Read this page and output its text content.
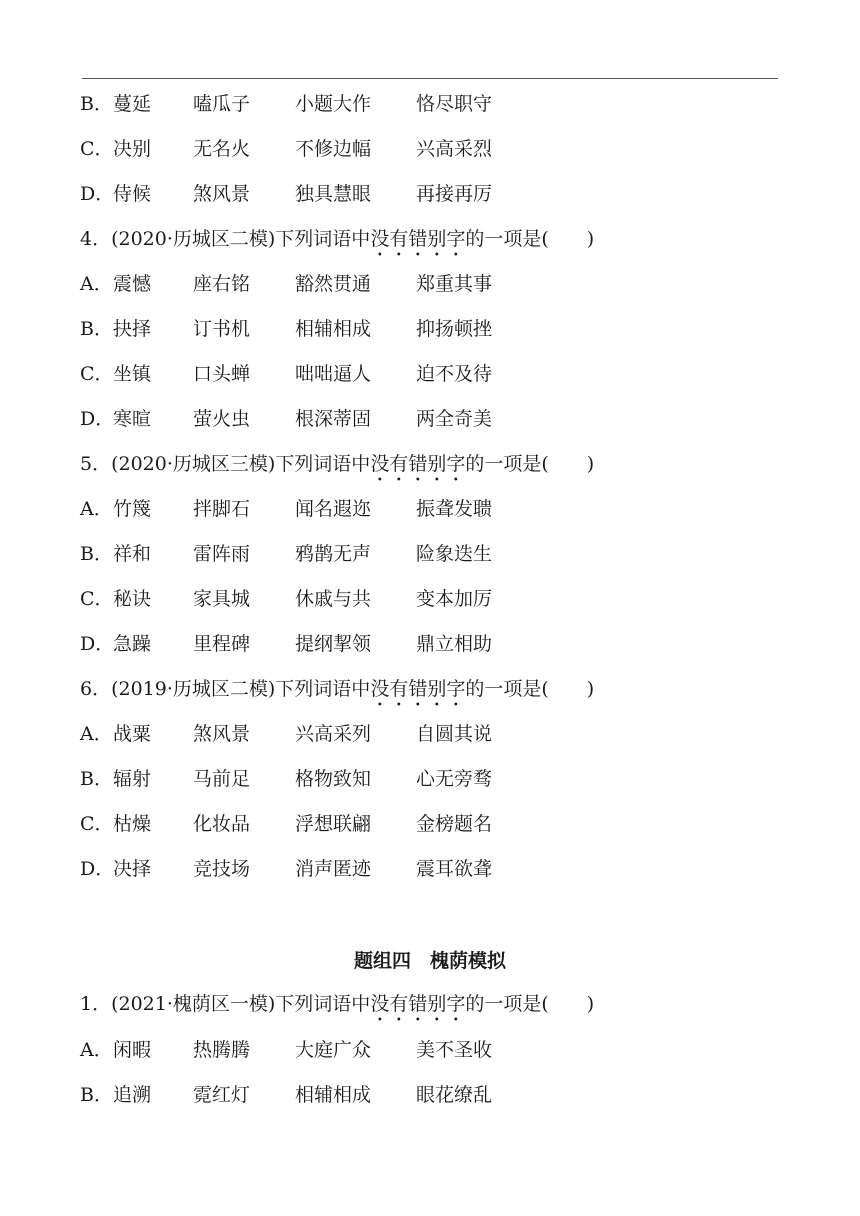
B． 蔓延 嗑瓜子 小题大作 恪尽职守
C． 决别 无名火 不修边幅 兴高采烈
D．
侍候 煞风景 独具慧眼 再接再厉
4．(2020·历城区二模)下列词语中没有错别字的一项是(　　)
A． 震憾 座右铭 豁然贯通 郑重其事
B． 抉择 订书机 相辅相成 抑扬顿挫
C． 坐镇 口头蝉 咄咄逼人 迫不及待
D．
寒暄 萤火虫 根深蒂固 两全奇美
5．(2020·历城区三模)下列词语中没有错别字的一项是(　　)
A． 竹篾 拌脚石 闻名遐迩 振聋发聩
B． 祥和 雷阵雨 鸦鹊无声 险象迭生
C． 秘诀 家具城 休戚与共 变本加厉
D．
急躁 里程碑 提纲挈领 鼎立相助
6．(2019·历城区二模)下列词语中没有错别字的一项是(　　)
A． 战粟 煞风景 兴高采列 自圆其说
B． 辐射 马前足 格物致知 心无旁骛
C． 枯燥 化妆品 浮想联翩 金榜题名
D．
决择 竞技场 消声匿迹 震耳欲聋
题组四　槐荫模拟
1．(2021·槐荫区一模)下列词语中没有错别字的一项是(　　)
A． 闲暇 热腾腾 大庭广众 美不圣收
B． 追溯 霓红灯 相辅相成 眼花缭乱
